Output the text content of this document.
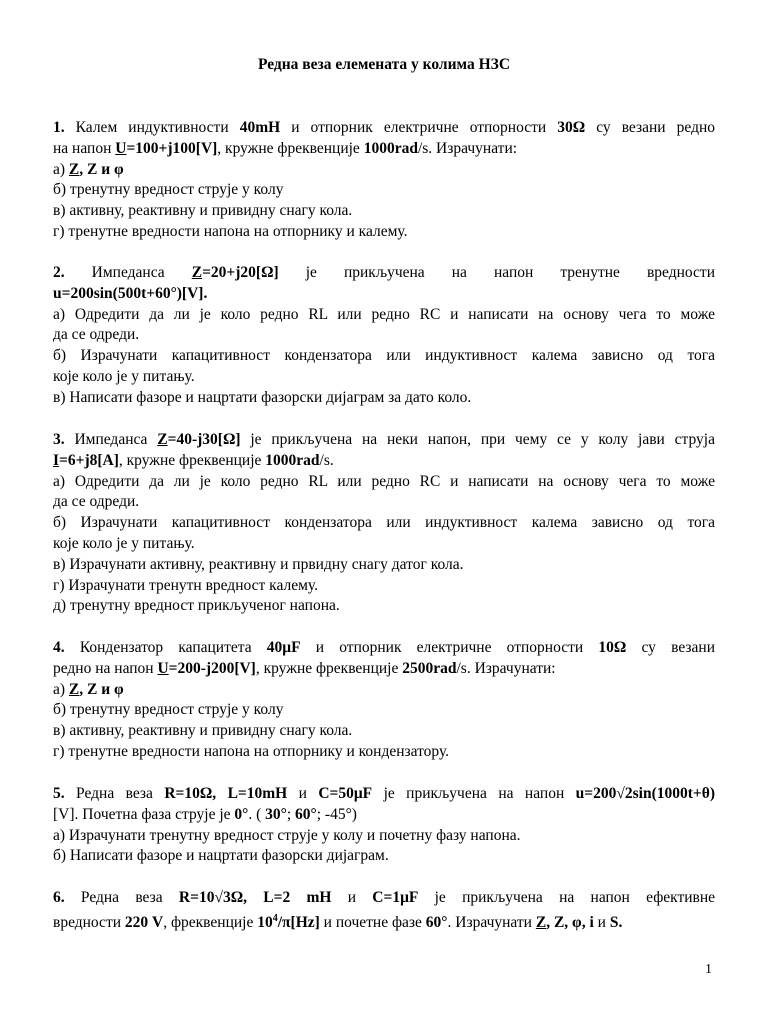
Редна веза елемената у колима НЗС

1. Калем индуктивности 40mH и отпорник електричне отпорности 30Ω су везани редно

на напон U=100+j100[V], кружне фреквенције 1000rad/s. Израчунати:

а) Z, Z и φ

б) тренутну вредност струје у колу

в) активну, реактивну и привидну снагу кола.

г) тренутне вредности напона на отпорнику и калему.

2. Импеданса Z=20+j20[Ω] је прикључена на напон тренутне вредности

u=200sin(500t+60°)[V].

а) Одредити да ли је коло редно RL или редно RC и написати на основу чега то може

да се одреди.

б) Израчунати капацитивност кондензатора или индуктивност калема зависно од тога

које коло је у питању.

в) Написати фазоре и нацртати фазорски дијаграм за дато коло.

3. Импеданса Z=40-j30[Ω] је прикључена на неки напон, при чему се у колу јави струја

I=6+j8[A], кружне фреквенције 1000rad/s.

а) Одредити да ли је коло редно RL или редно RC и написати на основу чега то може

да се одреди.

б) Израчунати капацитивност кондензатора или индуктивност калема зависно од тога

које коло је у питању.

в) Израчунати активну, реактивну и првидну снагу датог кола.

г) Израчунати тренутн вредност калему.

д) тренутну вредност прикљученог напона.

4. Кондензатор капацитета 40μF и отпорник електричне отпорности 10Ω су везани

редно на напон U=200-j200[V], кружне фреквенције 2500rad/s. Израчунати:

а) Z, Z и φ

б) тренутну вредност струје у колу

в) активну, реактивну и привидну снагу кола.

г) тренутне вредности напона на отпорнику и кондензатору.

5. Редна веза R=10Ω, L=10mH и C=50μF је прикључена на напон u=200√2sin(1000t+θ)

[V]. Почетна фаза струје је 0°. ( 30°; 60°; -45°)

а) Израчунати тренутну вредност струје у колу и почетну фазу напона.

б) Написати фазоре и нацртати фазорски дијаграм.

6. Редна веза R=10√3Ω, L=2 mH и C=1μF је прикључена на напон ефективне

вредности 220 V, фреквенције $10^4/\pi[Hz]$ и почетне фазе 60°. Израчунати Z, Z, φ, i и S.

1
